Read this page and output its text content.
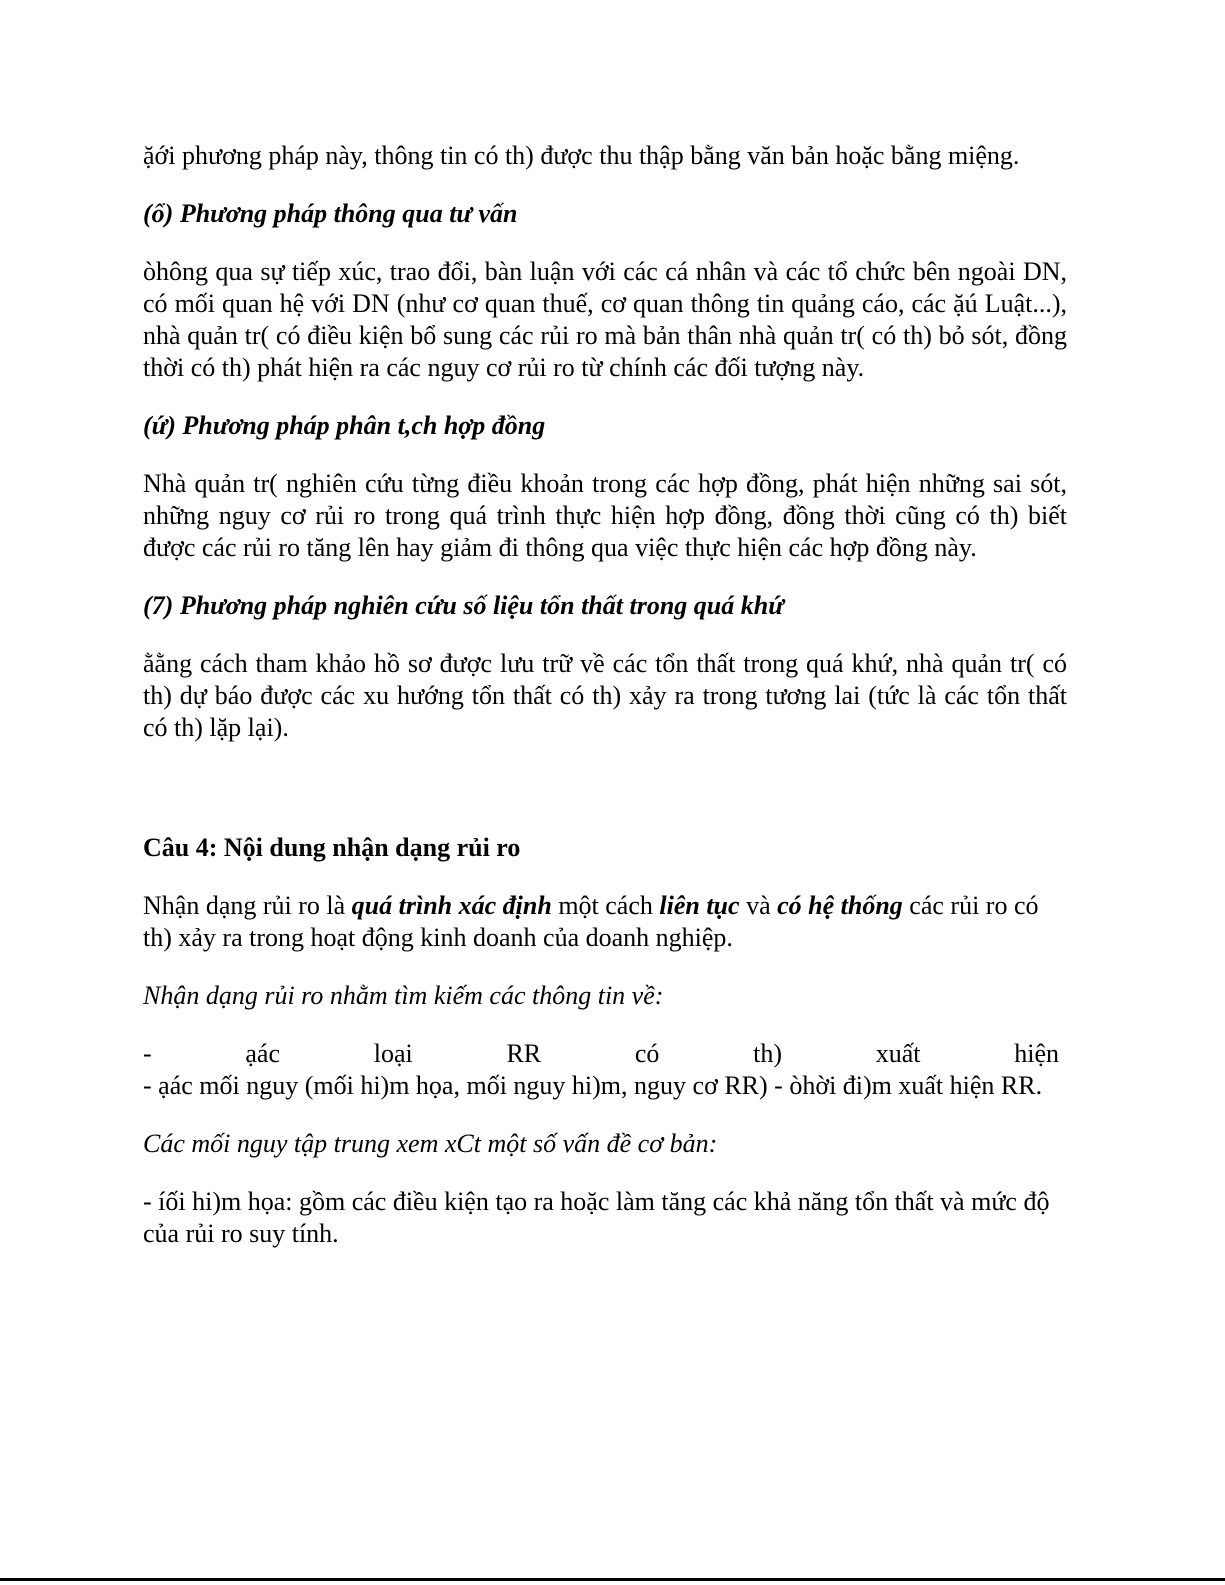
ặới phương pháp này, thông tin có th) được thu thập bằng văn bản hoặc bằng miệng.

(ổ) Phương pháp thông qua tư vấn

òhông qua sự tiếp xúc, trao đổi, bàn luận với các cá nhân và các tổ chức bên ngoài DN, có mối quan hệ với DN (như cơ quan thuế, cơ quan thông tin quảng cáo, các ặú Luật...), nhà quản tr( có điều kiện bổ sung các rủi ro mà bản thân nhà quản tr( có th) bỏ sót, đồng thời có th) phát hiện ra các nguy cơ rủi ro từ chính các đối tượng này.

(ứ) Phương pháp phân t,ch hợp đồng

Nhà quản tr( nghiên cứu từng điều khoản trong các hợp đồng, phát hiện những sai sót, những nguy cơ rủi ro trong quá trình thực hiện hợp đồng, đồng thời cũng có th) biết được các rủi ro tăng lên hay giảm đi thông qua việc thực hiện các hợp đồng này.

(7) Phương pháp nghiên cứu số liệu tổn thất trong quá khứ

ằằng cách tham khảo hồ sơ được lưu trữ về các tổn thất trong quá khứ, nhà quản tr( có th) dự báo được các xu hướng tổn thất có th) xảy ra trong tương lai (tức là các tổn thất có th) lặp lại).

Câu 4: Nội dung nhận dạng rủi ro

Nhận dạng rủi ro là quá trình xác định một cách liên tục và có hệ thống các rủi ro có th) xảy ra trong hoạt động kinh doanh của doanh nghiệp.

Nhận dạng rủi ro nhằm tìm kiếm các thông tin về:

-	ạác	loại	RR	có	th)	xuất	hiện

- ạác mối nguy (mối hi)m họa, mối nguy hi)m, nguy cơ RR) - òhời đi)m xuất hiện RR.

Các mối nguy tập trung xem xCt một số vấn đề cơ bản:

- íối hi)m họa: gồm các điều kiện tạo ra hoặc làm tăng các khả năng tổn thất và mức độ của rủi ro suy tính.
